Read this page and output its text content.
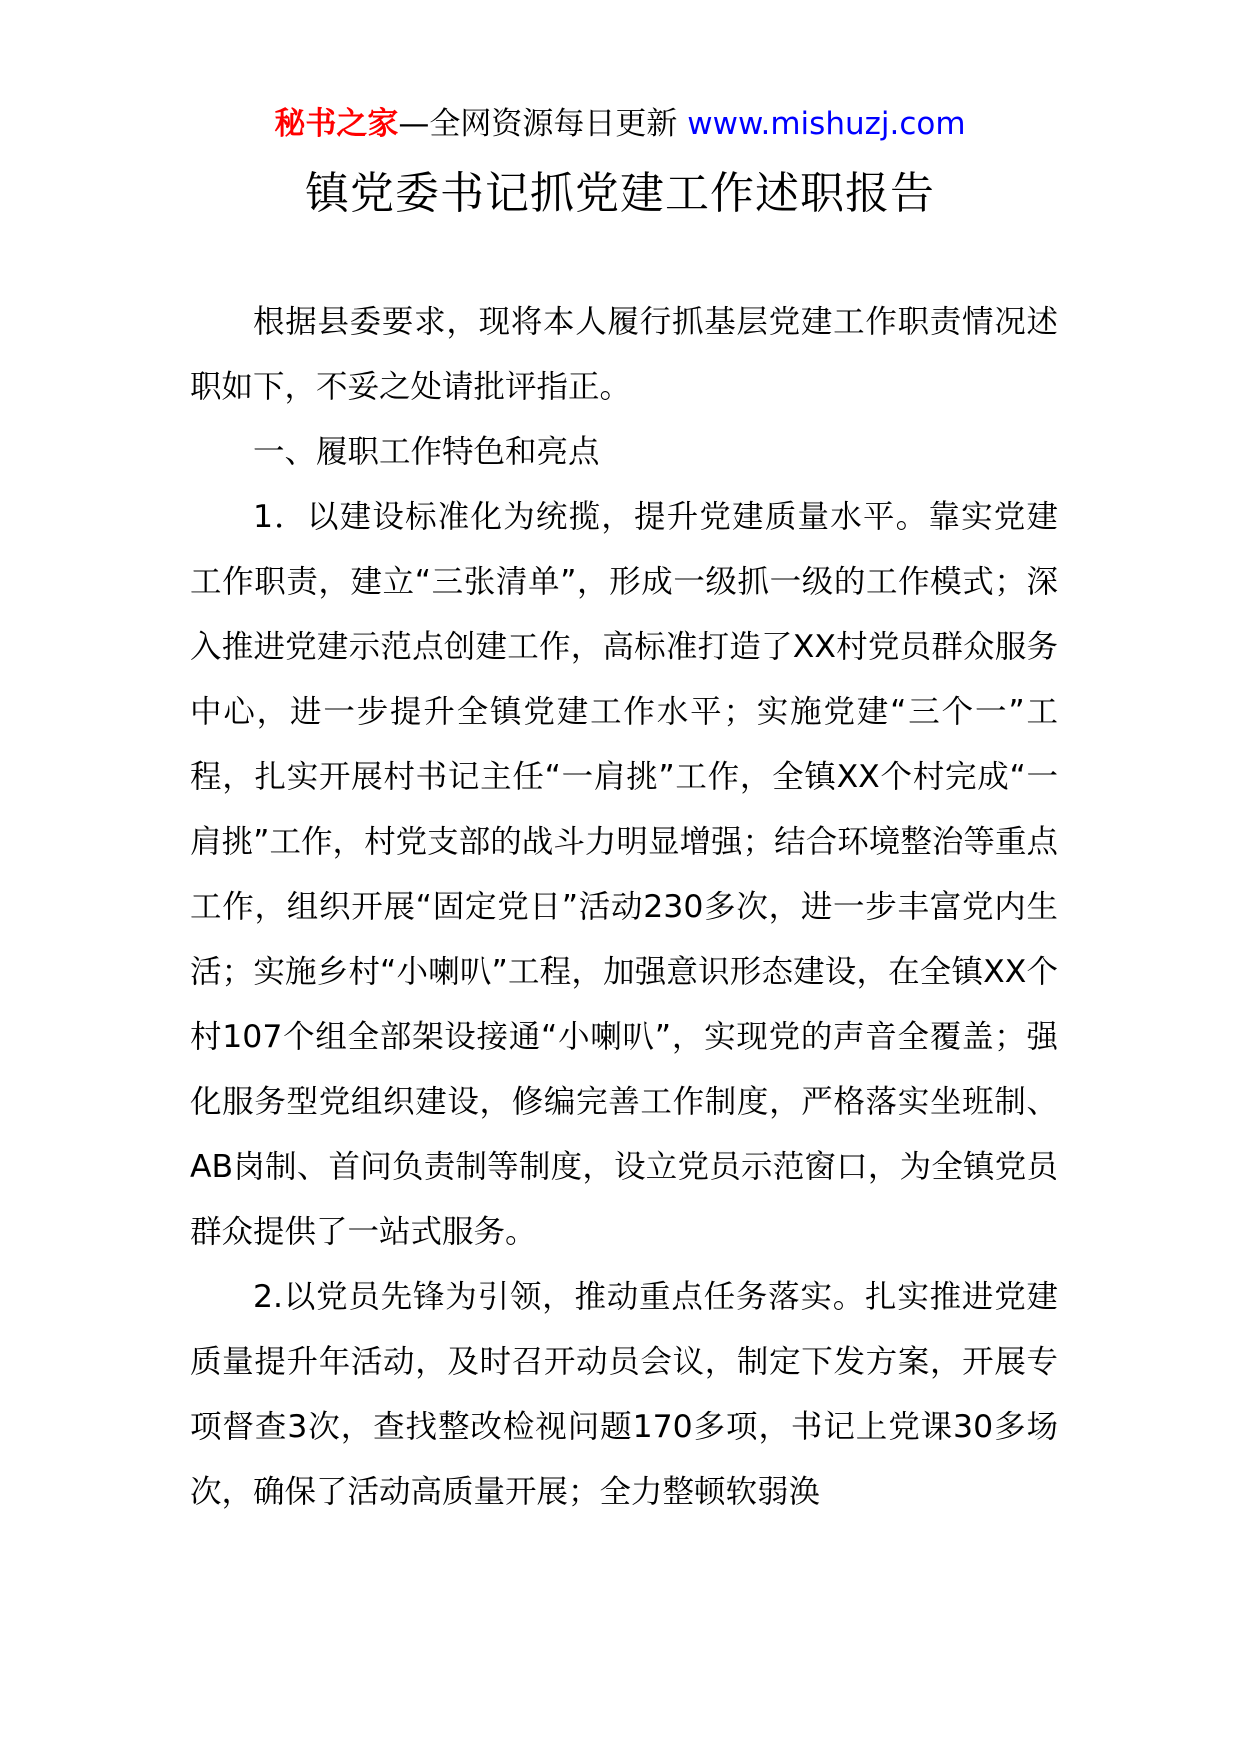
秘书之家—全网资源每日更新 www.mishuzj.com
镇党委书记抓党建工作述职报告

根据县委要求，现将本人履行抓基层党建工作职责情况述职如下，不妥之处请批评指正。

一、履职工作特色和亮点

1．以建设标准化为统揽，提升党建质量水平。靠实党建工作职责，建立“三张清单”，形成一级抓一级的工作模式；深入推进党建示范点创建工作，高标准打造了XX村党员群众服务中心，进一步提升全镇党建工作水平；实施党建“三个一”工程，扎实开展村书记主任“一肩挑”工作，全镇XX个村完成“一肩挑”工作，村党支部的战斗力明显增强；结合环境整治等重点工作，组织开展“固定党日”活动230多次，进一步丰富党内生活；实施乡村“小喇叭”工程，加强意识形态建设，在全镇XX个村107个组全部架设接通“小喇叭”，实现党的声音全覆盖；强化服务型党组织建设，修编完善工作制度，严格落实坐班制、AB岗制、首问负责制等制度，设立党员示范窗口，为全镇党员群众提供了一站式服务。

2.以党员先锋为引领，推动重点任务落实。扎实推进党建质量提升年活动，及时召开动员会议，制定下发方案，开展专项督查3次，查找整改检视问题170多项，书记上党课30多场次，确保了活动高质量开展；全力整顿软弱涣
